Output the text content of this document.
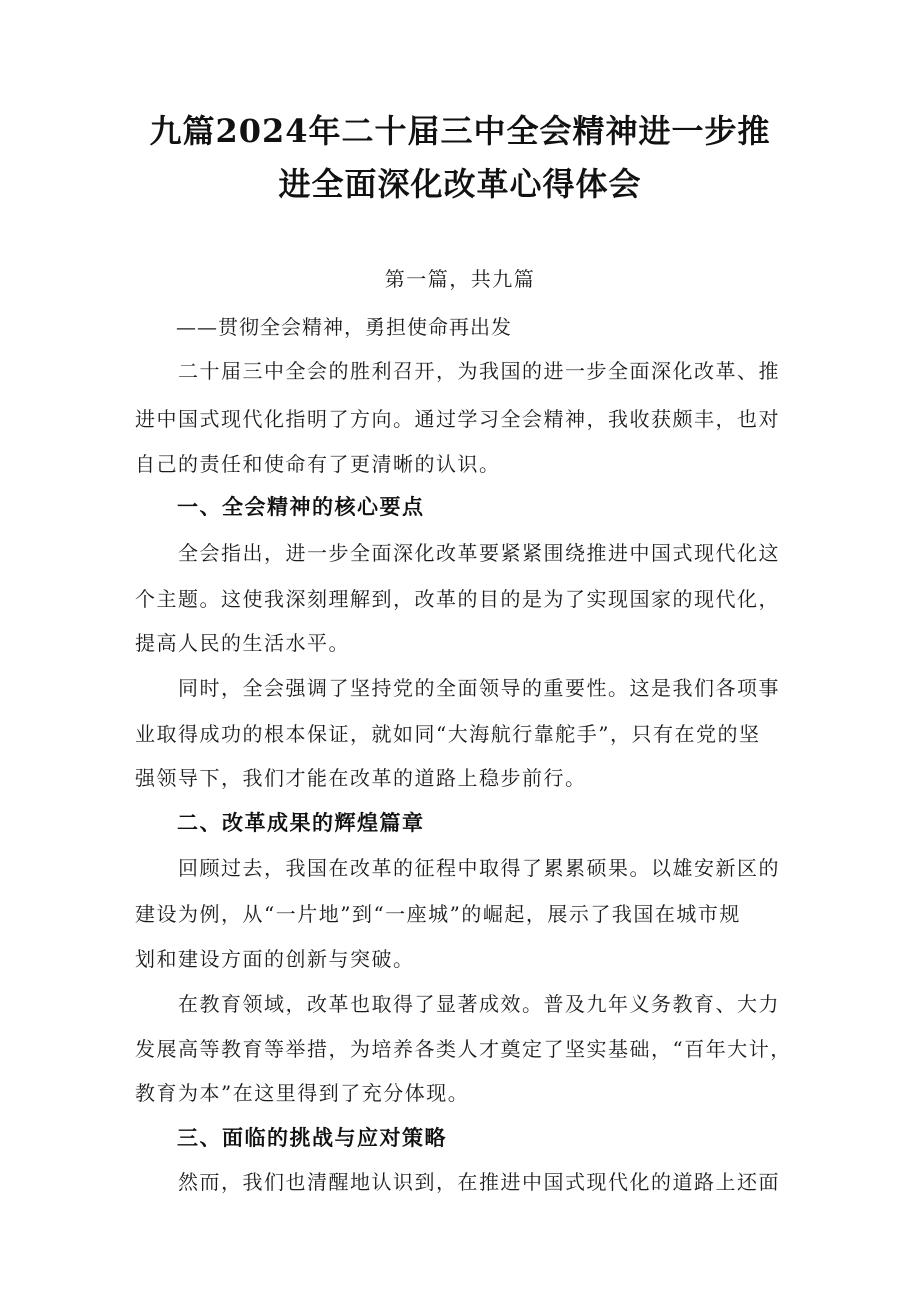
九篇2024年二十届三中全会精神进一步推
进全面深化改革心得体会

第一篇，共九篇

——贯彻全会精神，勇担使命再出发

二十届三中全会的胜利召开，为我国的进一步全面深化改革、推

进中国式现代化指明了方向。通过学习全会精神，我收获颇丰，也对

自己的责任和使命有了更清晰的认识。

一、全会精神的核心要点

全会指出，进一步全面深化改革要紧紧围绕推进中国式现代化这

个主题。这使我深刻理解到，改革的目的是为了实现国家的现代化，

提高人民的生活水平。

同时，全会强调了坚持党的全面领导的重要性。这是我们各项事

业取得成功的根本保证，就如同“大海航行靠舵手”，只有在党的坚

强领导下，我们才能在改革的道路上稳步前行。

二、改革成果的辉煌篇章

回顾过去，我国在改革的征程中取得了累累硕果。以雄安新区的

建设为例，从“一片地”到“一座城”的崛起，展示了我国在城市规

划和建设方面的创新与突破。

在教育领域，改革也取得了显著成效。普及九年义务教育、大力

发展高等教育等举措，为培养各类人才奠定了坚实基础，“百年大计，

教育为本”在这里得到了充分体现。

三、面临的挑战与应对策略

然而，我们也清醒地认识到，在推进中国式现代化的道路上还面
